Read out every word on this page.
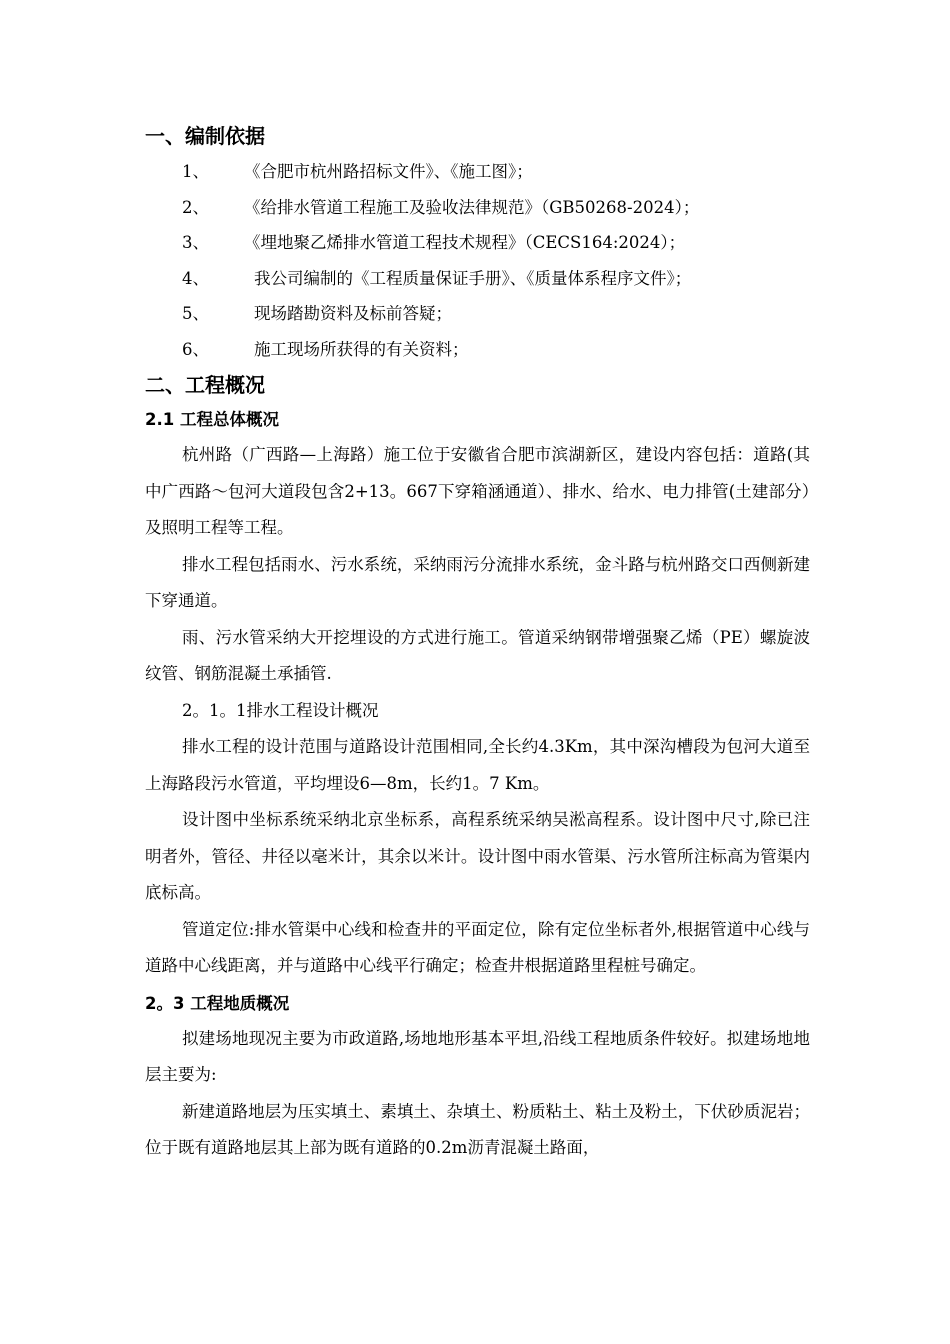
一、编制依据
1、 《合肥市杭州路招标文件》、《施工图》；
2、 《给排水管道工程施工及验收法律规范》（GB50268-2024）；
3、 《埋地聚乙烯排水管道工程技术规程》（CECS164:2024）；
4、	我公司编制的《工程质量保证手册》、《质量体系程序文件》；
5、	现场踏勘资料及标前答疑；
6、	施工现场所获得的有关资料；
二、工程概况
2.1 工程总体概况

杭州路（广西路—上海路）施工位于安徽省合肥市滨湖新区，建设内容包括：道路(其中广西路～包河大道段包含2+13。667下穿箱涵通道）、排水、给水、电力排管(土建部分）及照明工程等工程。

排水工程包括雨水、污水系统，采纳雨污分流排水系统，金斗路与杭州路交口西侧新建下穿通道。

雨、污水管采纳大开挖埋设的方式进行施工。管道采纳钢带增强聚乙烯（PE）螺旋波纹管、钢筋混凝土承插管.

2。1。1排水工程设计概况

排水工程的设计范围与道路设计范围相同,全长约4.3Km，其中深沟槽段为包河大道至上海路段污水管道，平均埋设6—8m，长约1。7 Km。

设计图中坐标系统采纳北京坐标系，高程系统采纳吴淞高程系。设计图中尺寸,除已注明者外，管径、井径以毫米计，其余以米计。设计图中雨水管渠、污水管所注标高为管渠内底标高。

管道定位:排水管渠中心线和检查井的平面定位，除有定位坐标者外,根据管道中心线与道路中心线距离，并与道路中心线平行确定；检查井根据道路里程桩号确定。

2。3 工程地质概况

拟建场地现况主要为市政道路,场地地形基本平坦,沿线工程地质条件较好。拟建场地地层主要为:

新建道路地层为压实填土、素填土、杂填土、粉质粘土、粘土及粉土，下伏砂质泥岩；位于既有道路地层其上部为既有道路的0.2m沥青混凝土路面，
